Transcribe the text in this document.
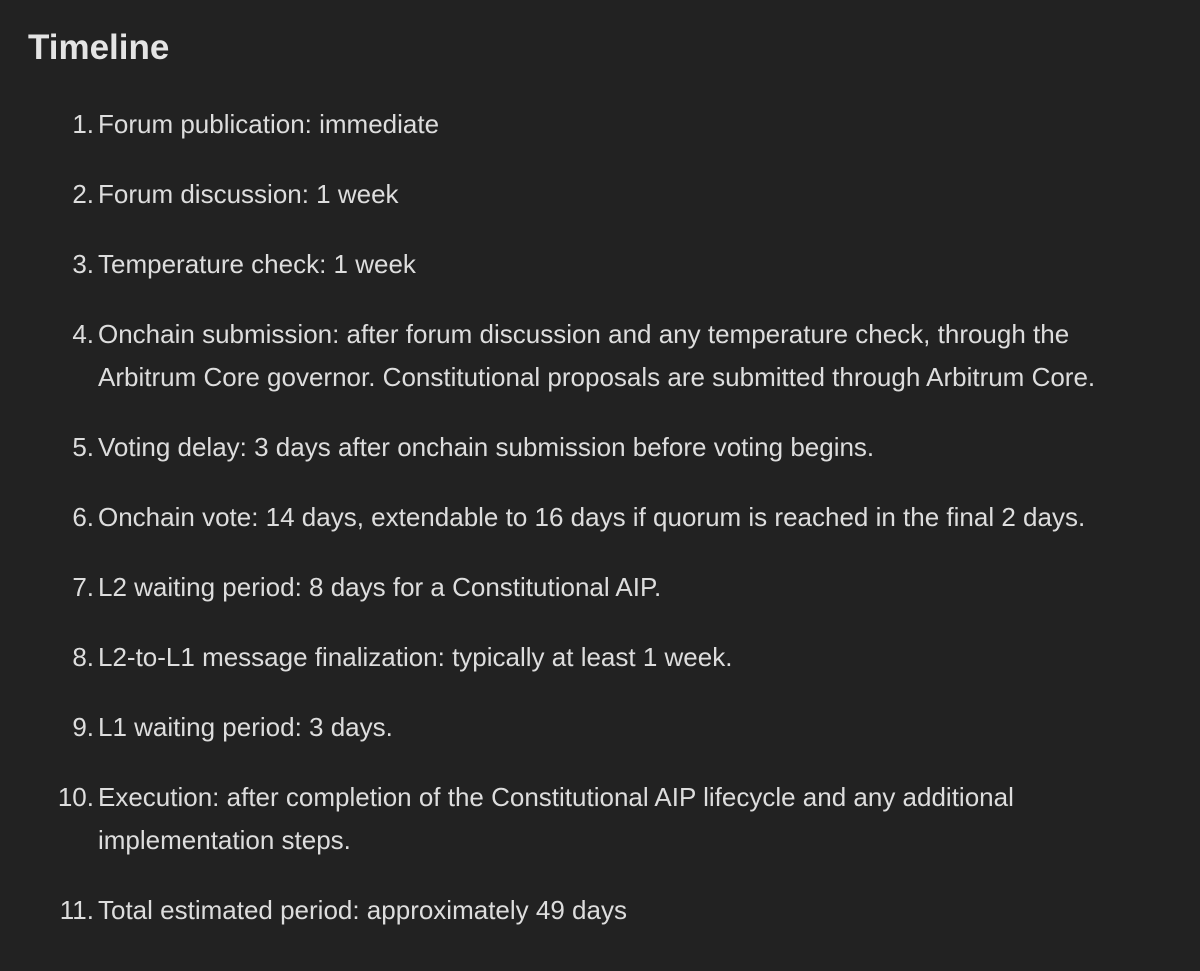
Timeline
1. Forum publication: immediate
2. Forum discussion: 1 week
3. Temperature check: 1 week
4. Onchain submission: after forum discussion and any temperature check, through the
Arbitrum Core governor. Constitutional proposals are submitted through Arbitrum Core.
5. Voting delay: 3 days after onchain submission before voting begins.
6. Onchain vote: 14 days, extendable to 16 days if quorum is reached in the final 2 days.
7. L2 waiting period: 8 days for a Constitutional AIP.
8. L2-to-L1 message finalization: typically at least 1 week.
9. L1 waiting period: 3 days.
10. Execution: after completion of the Constitutional AIP lifecycle and any additional
implementation steps.
11. Total estimated period: approximately 49 days
